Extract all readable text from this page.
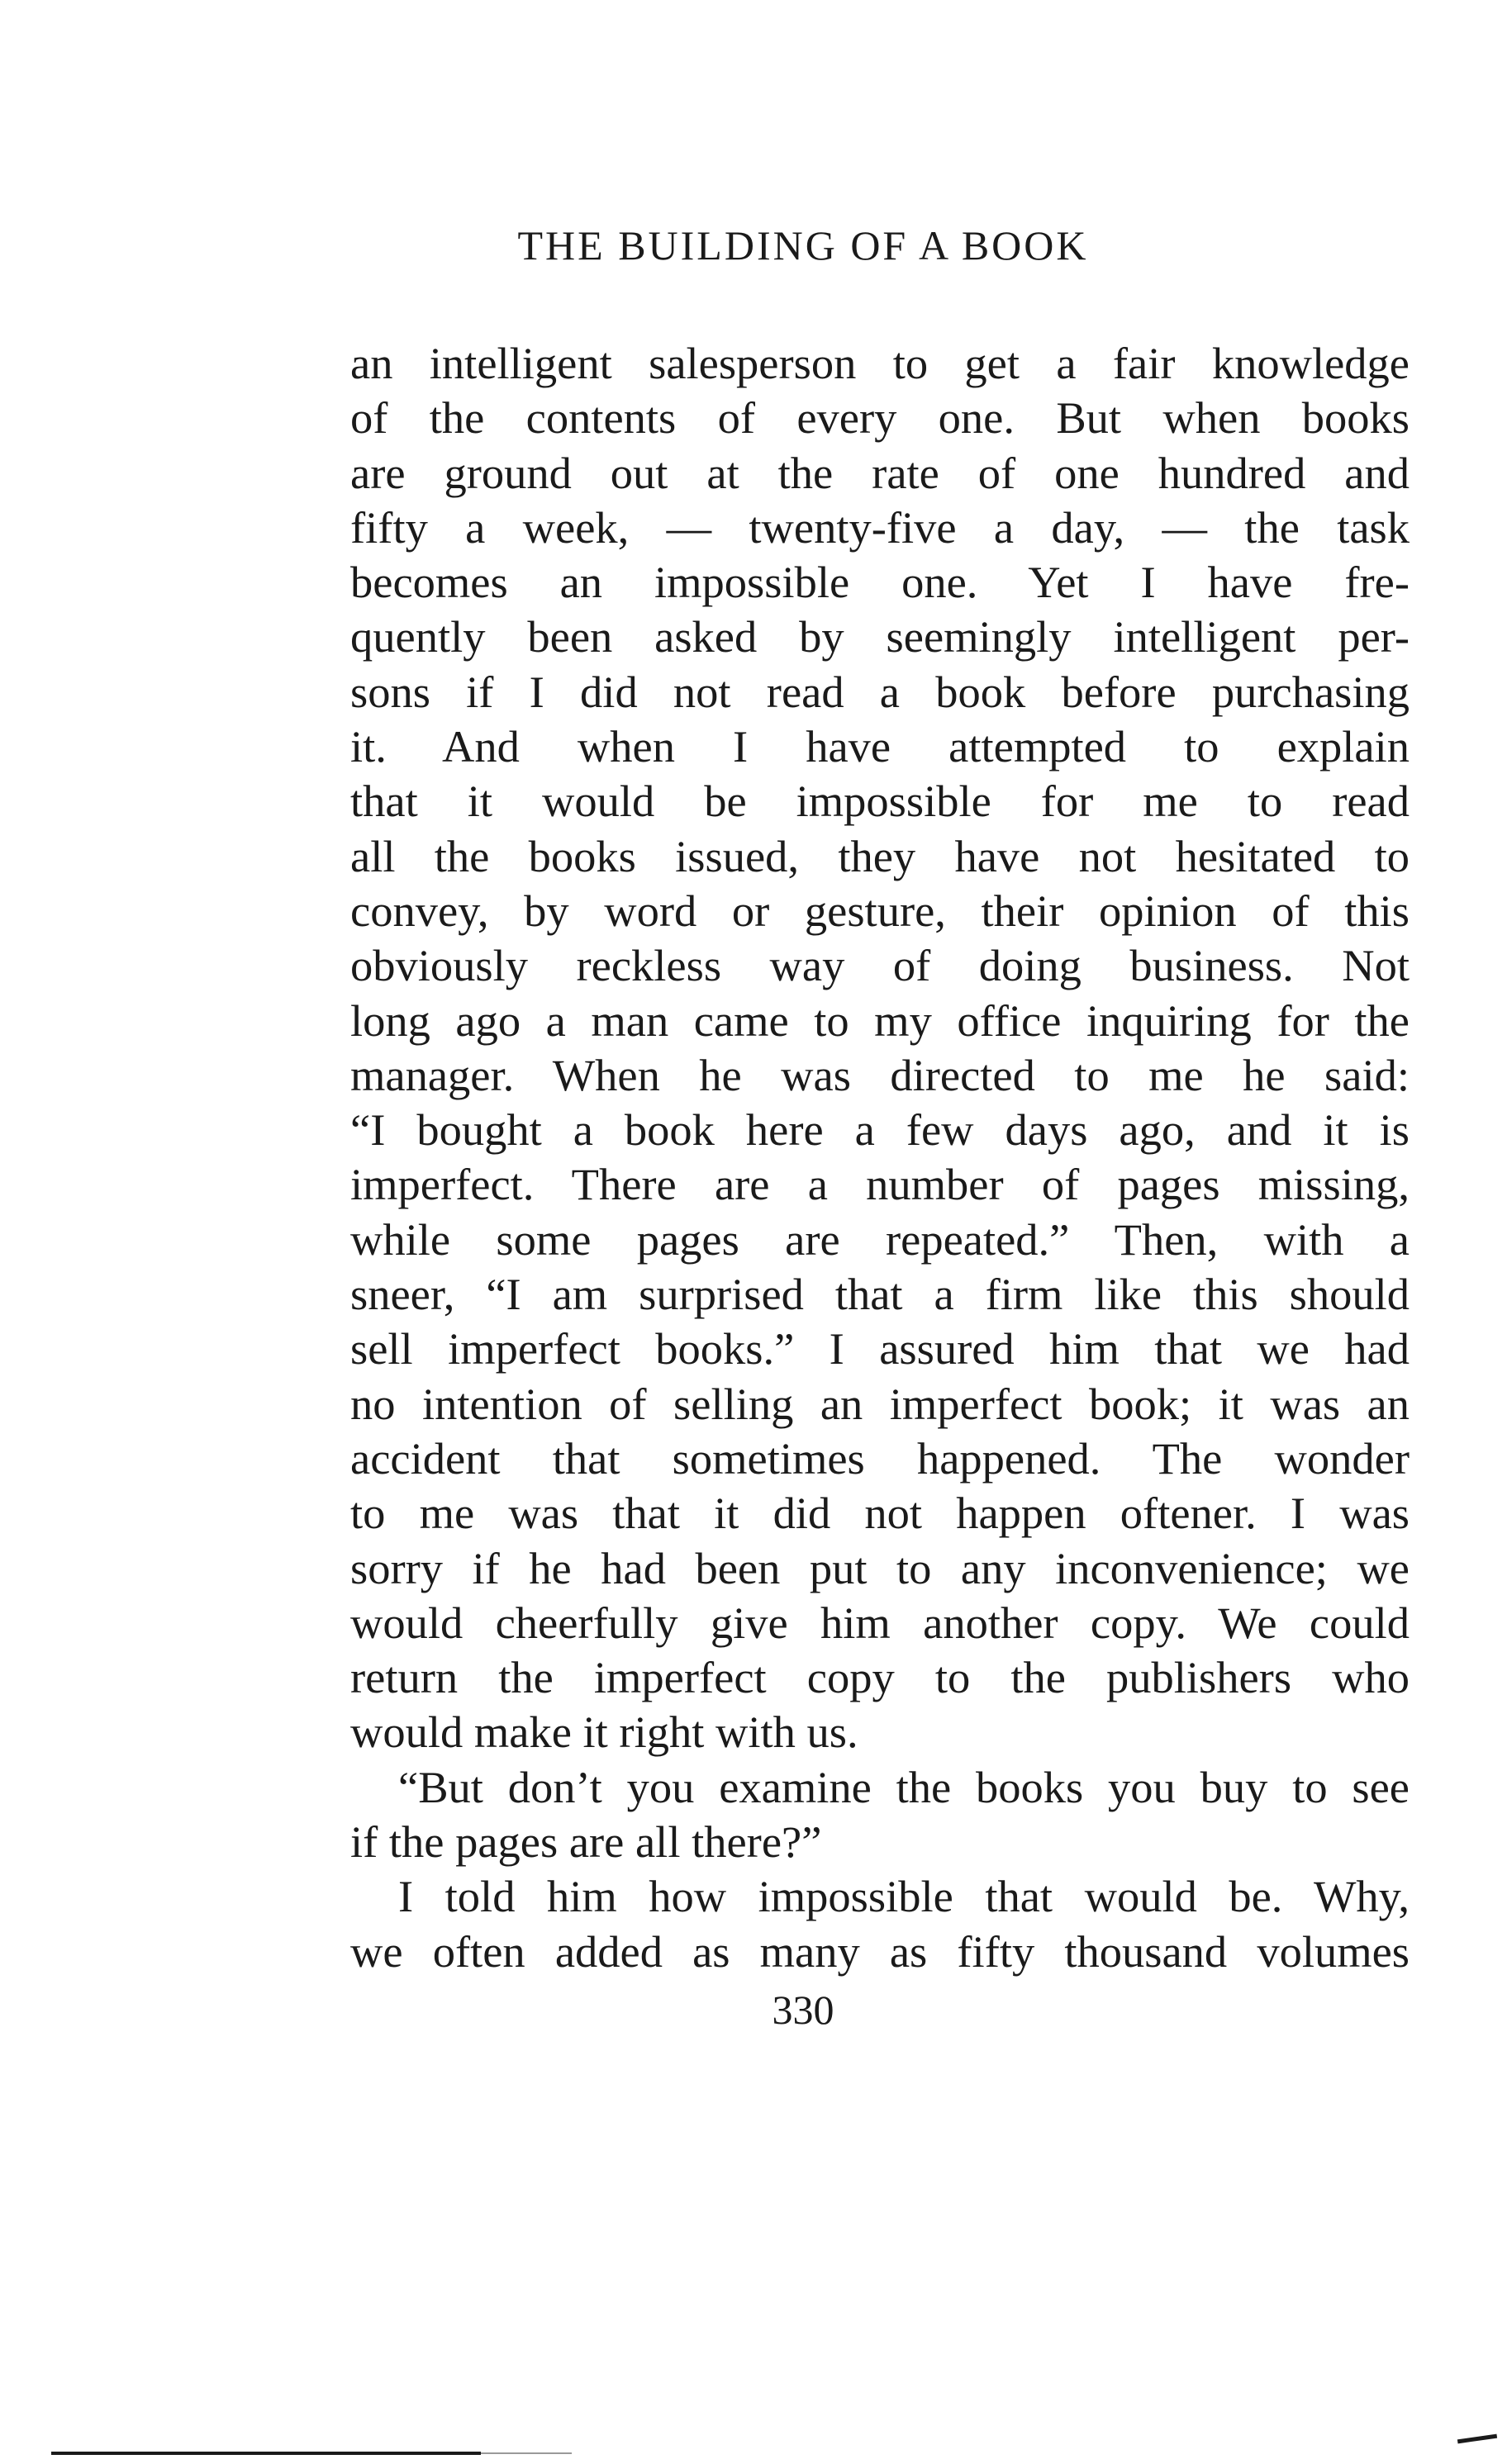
THE BUILDING OF A BOOK
an intelligent salesperson to get a fair knowledge
of the contents of every one. But when books
are ground out at the rate of one hundred and
fifty a week, — twenty-five a day, — the task
becomes an impossible one. Yet I have fre-
quently been asked by seemingly intelligent per-
sons if I did not read a book before purchasing
it. And when I have attempted to explain
that it would be impossible for me to read
all the books issued, they have not hesitated to
convey, by word or gesture, their opinion of this
obviously reckless way of doing business. Not
long ago a man came to my office inquiring for the
manager. When he was directed to me he said:
“I bought a book here a few days ago, and it is
imperfect. There are a number of pages missing,
while some pages are repeated.” Then, with a
sneer, “I am surprised that a firm like this should
sell imperfect books.” I assured him that we had
no intention of selling an imperfect book; it was an
accident that sometimes happened. The wonder
to me was that it did not happen oftener. I was
sorry if he had been put to any inconvenience; we
would cheerfully give him another copy. We could
return the imperfect copy to the publishers who
would make it right with us.
“But don’t you examine the books you buy to see
if the pages are all there?”
I told him how impossible that would be. Why,
we often added as many as fifty thousand volumes
330
